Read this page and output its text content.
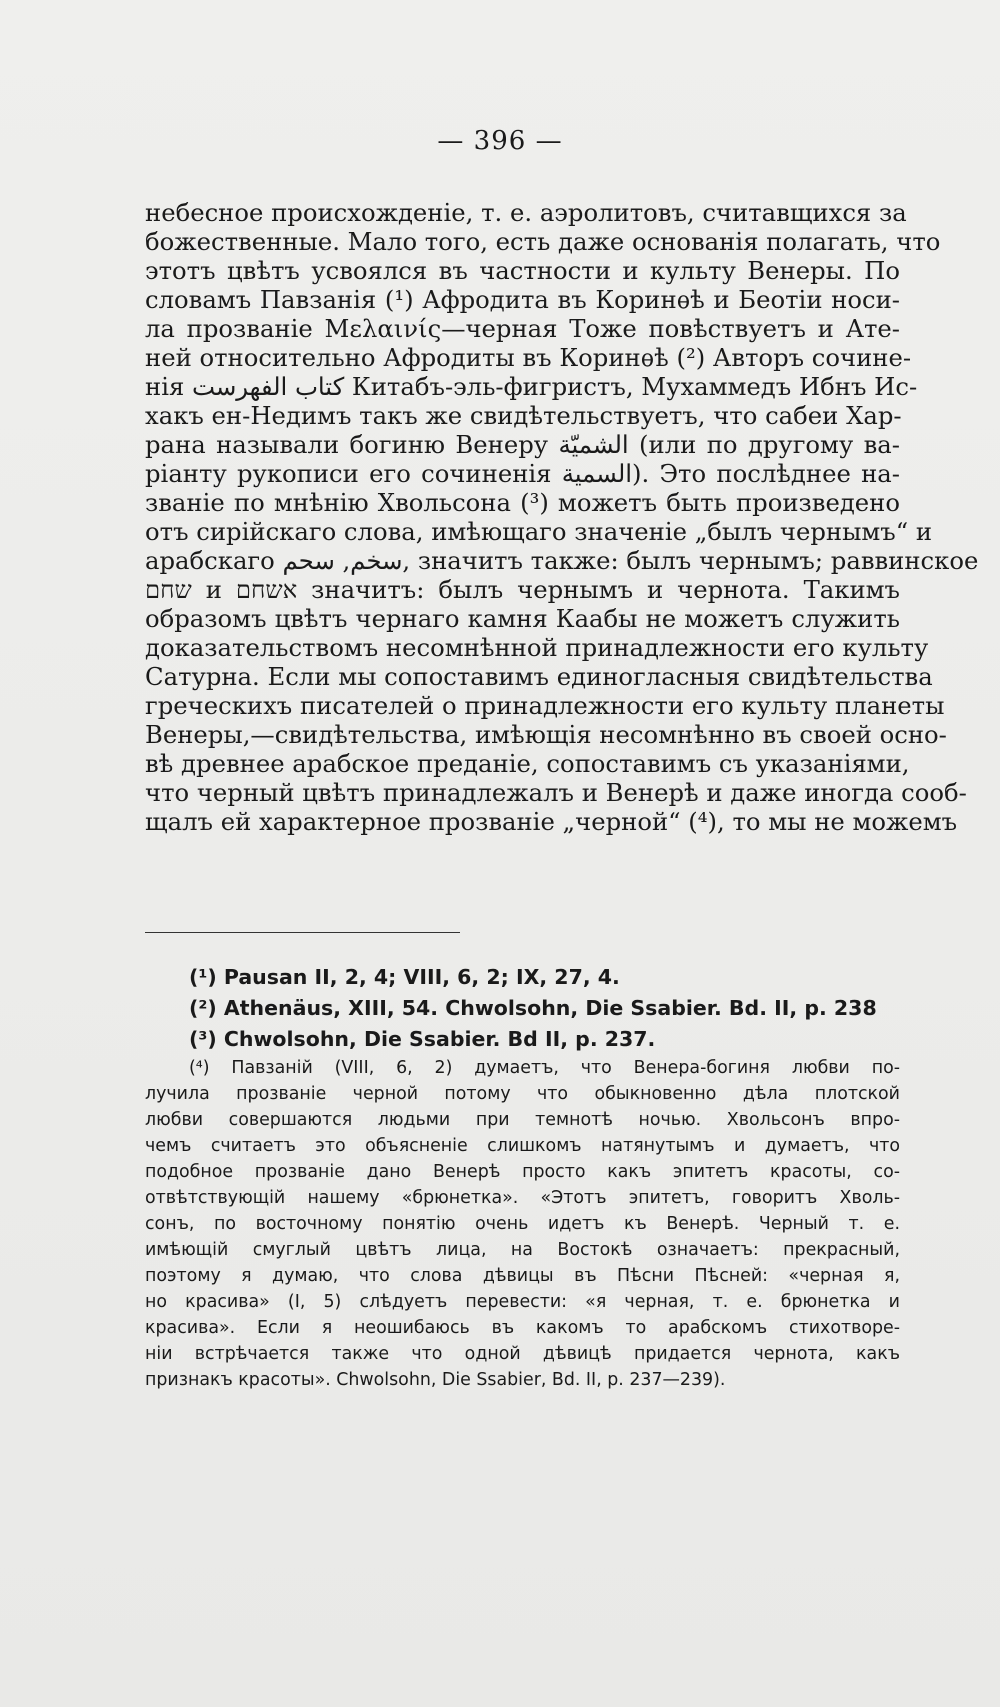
— 396 —
небесное происхожденіе, т. е. аэролитовъ, считавщихся за
божественные. Мало того, есть даже основанія полагать, что
этотъ цвѣтъ усвоялся въ частности и культу Венеры. По
словамъ Павзанія (¹) Афродита въ Коринѳѣ и Беотіи носи-
ла прозваніе Μελαινίς—черная Тоже повѣствуетъ и Ате-
ней относительно Афродиты въ Коринѳѣ (²) Авторъ сочине-
нія كتاب الفهرست Китабъ-эль-фигристъ, Мухаммедъ Ибнъ Ис-
хакъ ен-Недимъ такъ же свидѣтельствуетъ, что сабеи Хар-
рана называли богиню Венеру الشميّة (или по другому ва-
ріанту рукописи его сочиненія السمية). Это послѣднее на-
званіе по мнѣнію Хвольсона (³) можетъ быть произведено
отъ сирійскаго слова, имѣющаго значеніе „былъ чернымъ“ и
арабскаго سخم, سحم, значитъ также: былъ чернымъ; раввинское
שחם и אשחם значитъ: былъ чернымъ и чернота. Такимъ
образомъ цвѣтъ чернаго камня Каабы не можетъ служить
доказательствомъ несомнѣнной принадлежности его культу
Сатурна. Если мы сопоставимъ единогласныя свидѣтельства
греческихъ писателей о принадлежности его культу планеты
Венеры,—свидѣтельства, имѣющія несомнѣнно въ своей осно-
вѣ древнее арабское преданіе, сопоставимъ съ указаніями,
что черный цвѣтъ принадлежалъ и Венерѣ и даже иногда сооб-
щалъ ей характерное прозваніе „черной“ (⁴), то мы не можемъ
(¹) Pausan II, 2, 4; VIII, 6, 2; IX, 27, 4.
(²) Athenäus, XIII, 54. Chwolsohn, Die Ssabier. Bd. II, p. 238
(³) Chwolsohn, Die Ssabier. Bd II, p. 237.
(⁴) Павзаній (VIII, 6, 2) думаетъ, что Венера-богиня любви по-
лучила прозваніе черной потому что обыкновенно дѣла плотской
любви совершаются людьми при темнотѣ ночью. Хвольсонъ впро-
чемъ считаетъ это объясненіе слишкомъ натянутымъ и думаетъ, что
подобное прозваніе дано Венерѣ просто какъ эпитетъ красоты, со-
отвѣтствующій нашему «брюнетка». «Этотъ эпитетъ, говоритъ Хволь-
сонъ, по восточному понятію очень идетъ къ Венерѣ. Черный т. е.
имѣющій смуглый цвѣтъ лица, на Востокѣ означаетъ: прекрасный,
поэтому я думаю, что слова дѣвицы въ Пѣсни Пѣсней: «черная я,
но красива» (I, 5) слѣдуетъ перевести: «я черная, т. е. брюнетка и
красива». Если я неошибаюсь въ какомъ то арабскомъ стихотворе-
ніи встрѣчается также что одной дѣвицѣ придается чернота, какъ
признакъ красоты». Chwolsohn, Die Ssabier, Bd. II, p. 237—239).
